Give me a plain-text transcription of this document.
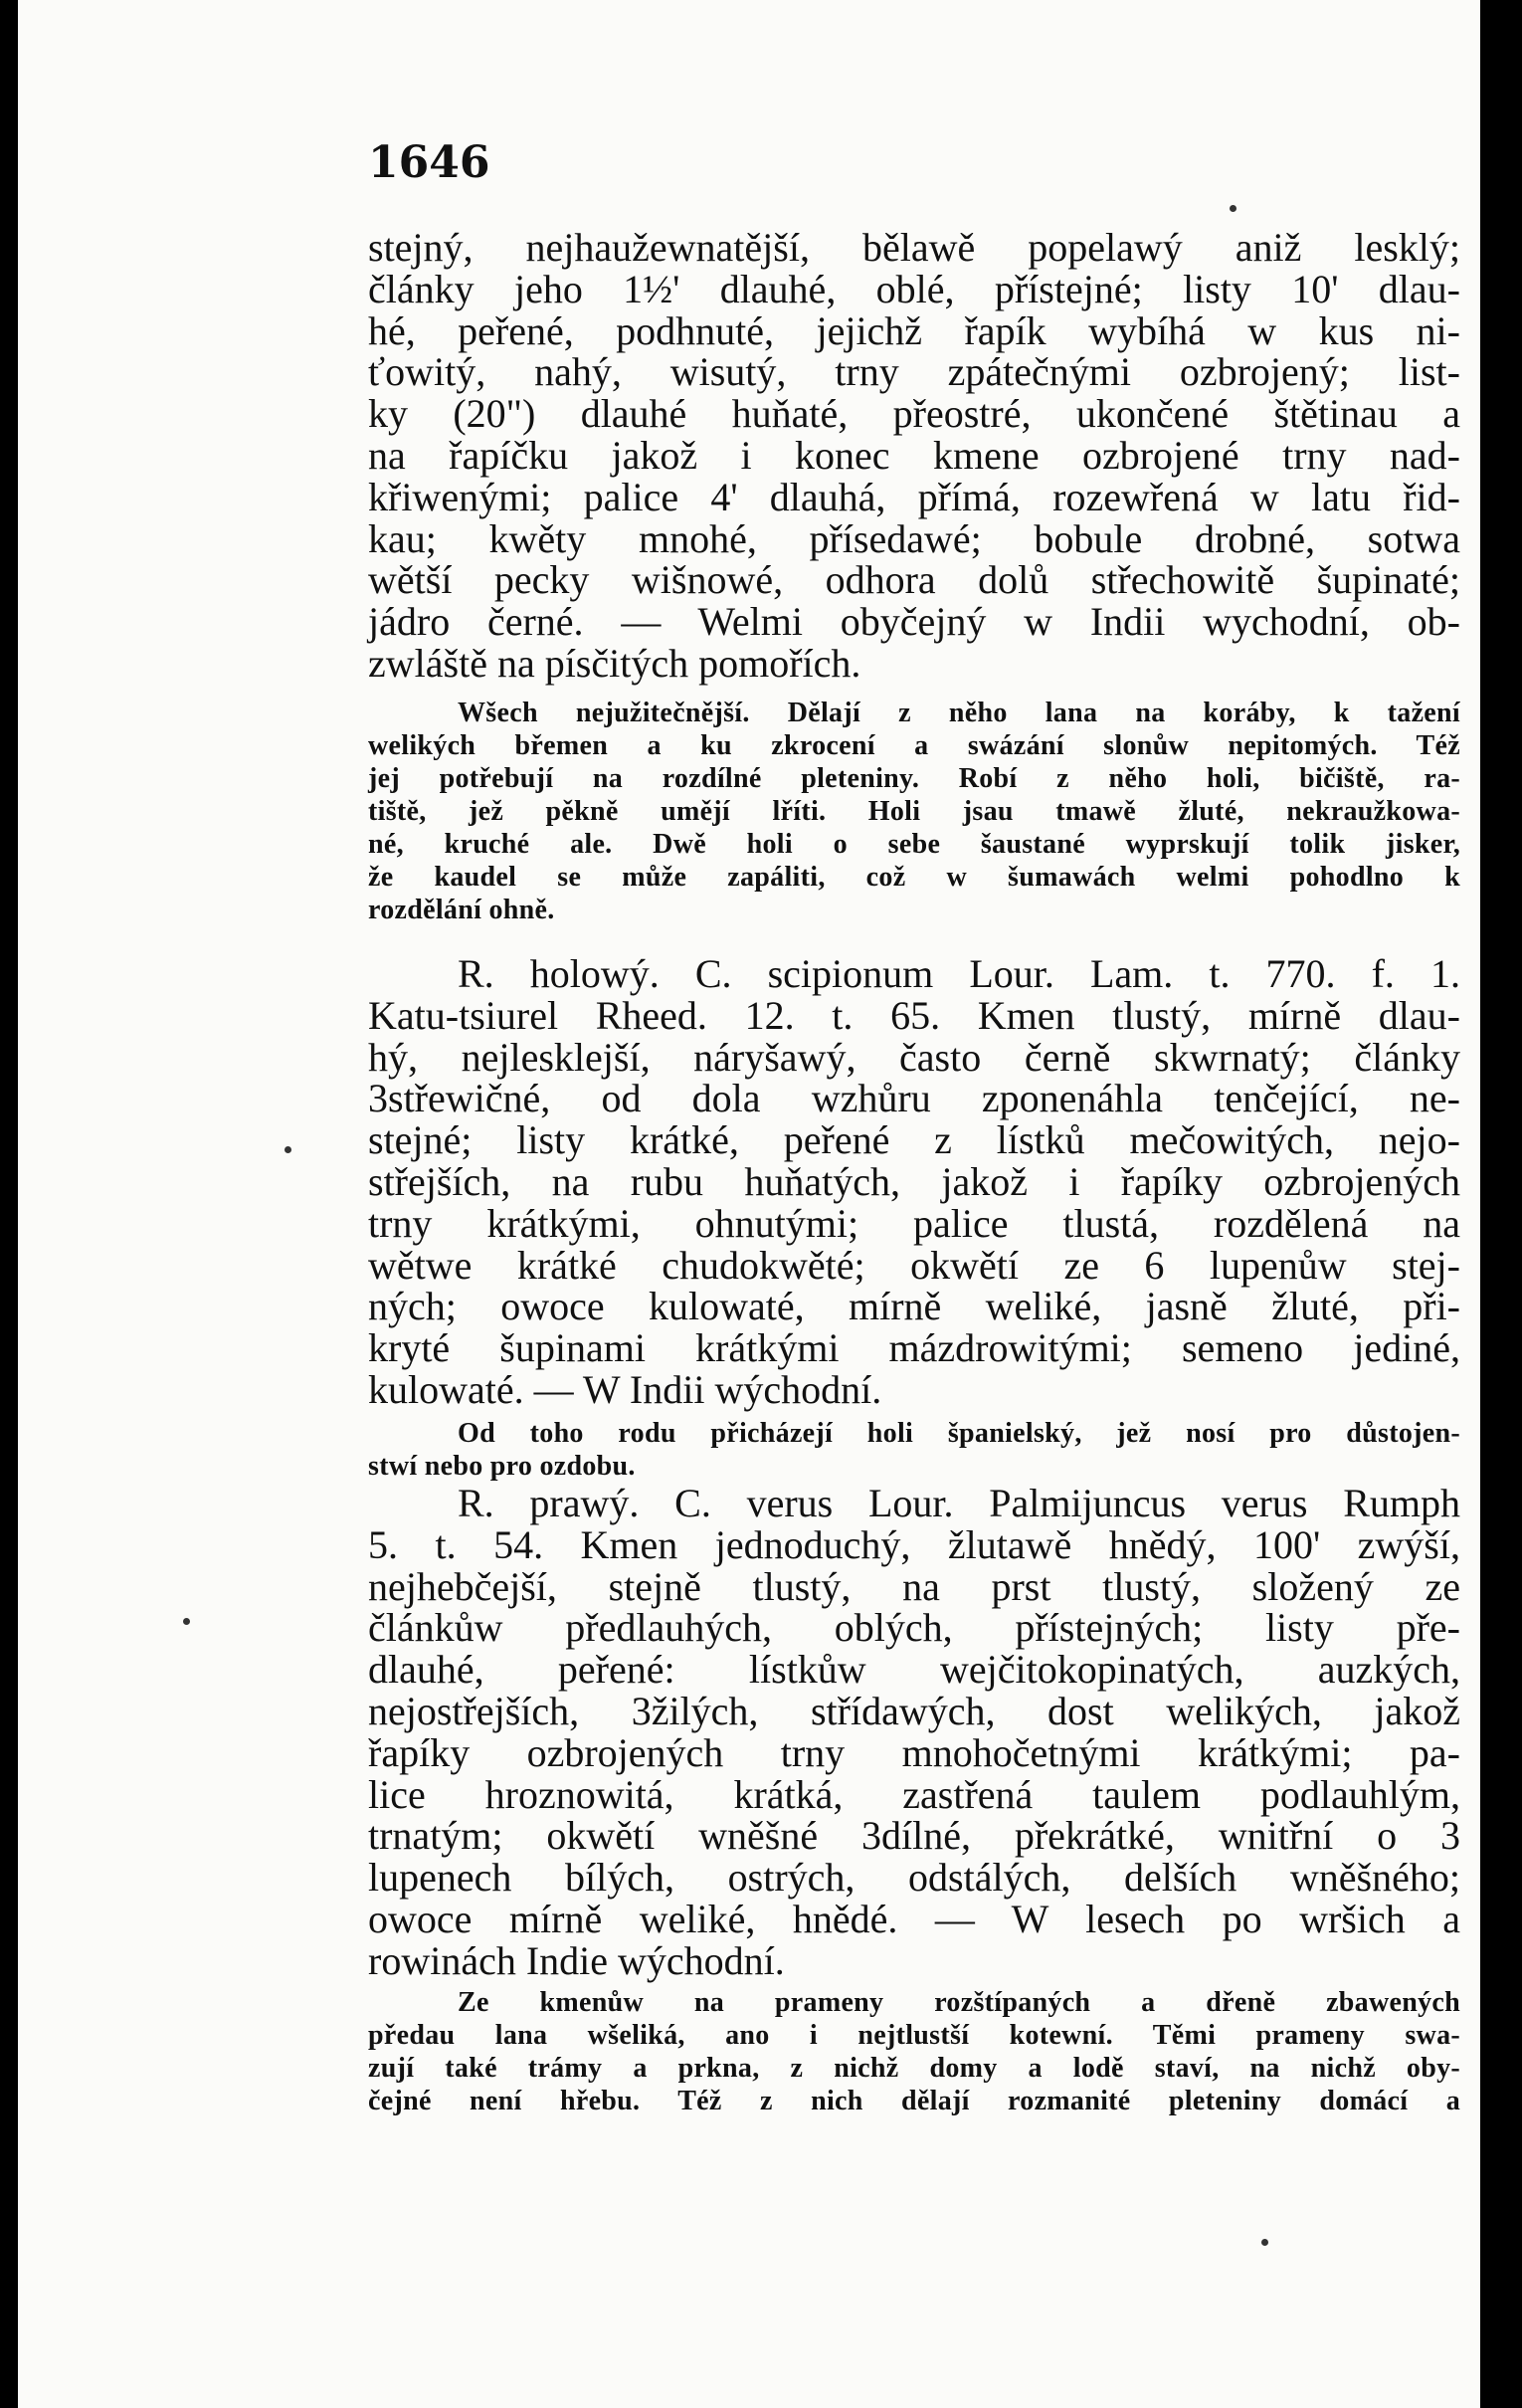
1646
stejný, nejhaužewnatější, bělawě popelawý aniž lesklý;
články jeho 1½' dlauhé, oblé, přístejné; listy 10' dlau-
hé, peřené, podhnuté, jejichž řapík wybíhá w kus ni-
ťowitý, nahý, wisutý, trny zpátečnými ozbrojený; list-
ky (20") dlauhé huňaté, přeostré, ukončené štětinau a
na řapíčku jakož i konec kmene ozbrojené trny nad-
křiwenými; palice 4' dlauhá, přímá, rozewřená w latu řid-
kau; kwěty mnohé, přísedawé; bobule drobné, sotwa
wětší pecky wišnowé, odhora dolů střechowitě šupinaté;
jádro černé. — Welmi obyčejný w Indii wychodní, ob-
zwláště na písčitých pomořích.
Wšech nejužitečnější. Dělají z něho lana na koráby, k tažení
welikých břemen a ku zkrocení a swázání slonůw nepitomých. Též
jej potřebují na rozdílné pleteniny. Robí z něho holi, bičiště, ra-
tiště, jež pěkně umějí lříti. Holi jsau tmawě žluté, nekraužkowa-
né, kruché ale. Dwě holi o sebe šaustané wyprskují tolik jisker,
že kaudel se může zapáliti, což w šumawách welmi pohodlno k
rozdělání ohně.
R. holowý. C. scipionum Lour. Lam. t. 770. f. 1.
Katu-tsiurel Rheed. 12. t. 65. Kmen tlustý, mírně dlau-
hý, nejlesklejší, náryšawý, často černě skwrnatý; články
3střewičné, od dola wzhůru zponenáhla tenčející, ne-
stejné; listy krátké, peřené z lístků mečowitých, nejo-
střejších, na rubu huňatých, jakož i řapíky ozbrojených
trny krátkými, ohnutými; palice tlustá, rozdělená na
wětwe krátké chudokwěté; okwětí ze 6 lupenůw stej-
ných; owoce kulowaté, mírně weliké, jasně žluté, při-
kryté šupinami krátkými mázdrowitými; semeno jediné,
kulowaté. — W Indii wýchodní.
Od toho rodu přicházejí holi španielský, jež nosí pro důstojen-
stwí nebo pro ozdobu.
R. prawý. C. verus Lour. Palmijuncus verus Rumph
5. t. 54. Kmen jednoduchý, žlutawě hnědý, 100' zwýší,
nejhebčejší, stejně tlustý, na prst tlustý, složený ze
článkůw předlauhých, oblých, přístejných; listy pře-
dlauhé, peřené: lístkůw wejčitokopinatých, auzkých,
nejostřejších, 3žilých, střídawých, dost welikých, jakož
řapíky ozbrojených trny mnohočetnými krátkými; pa-
lice hroznowitá, krátká, zastřená taulem podlauhlým,
trnatým; okwětí wněšné 3dílné, překrátké, wnitřní o 3
lupenech bílých, ostrých, odstálých, delších wněšného;
owoce mírně weliké, hnědé. — W lesech po wršich a
rowinách Indie wýchodní.
Ze kmenůw na prameny rozštípaných a dřeně zbawených
předau lana wšeliká, ano i nejtlustší kotewní. Těmi prameny swa-
zují také trámy a prkna, z nichž domy a lodě staví, na nichž oby-
čejné není hřebu. Též z nich dělají rozmanité pleteniny domácí a
